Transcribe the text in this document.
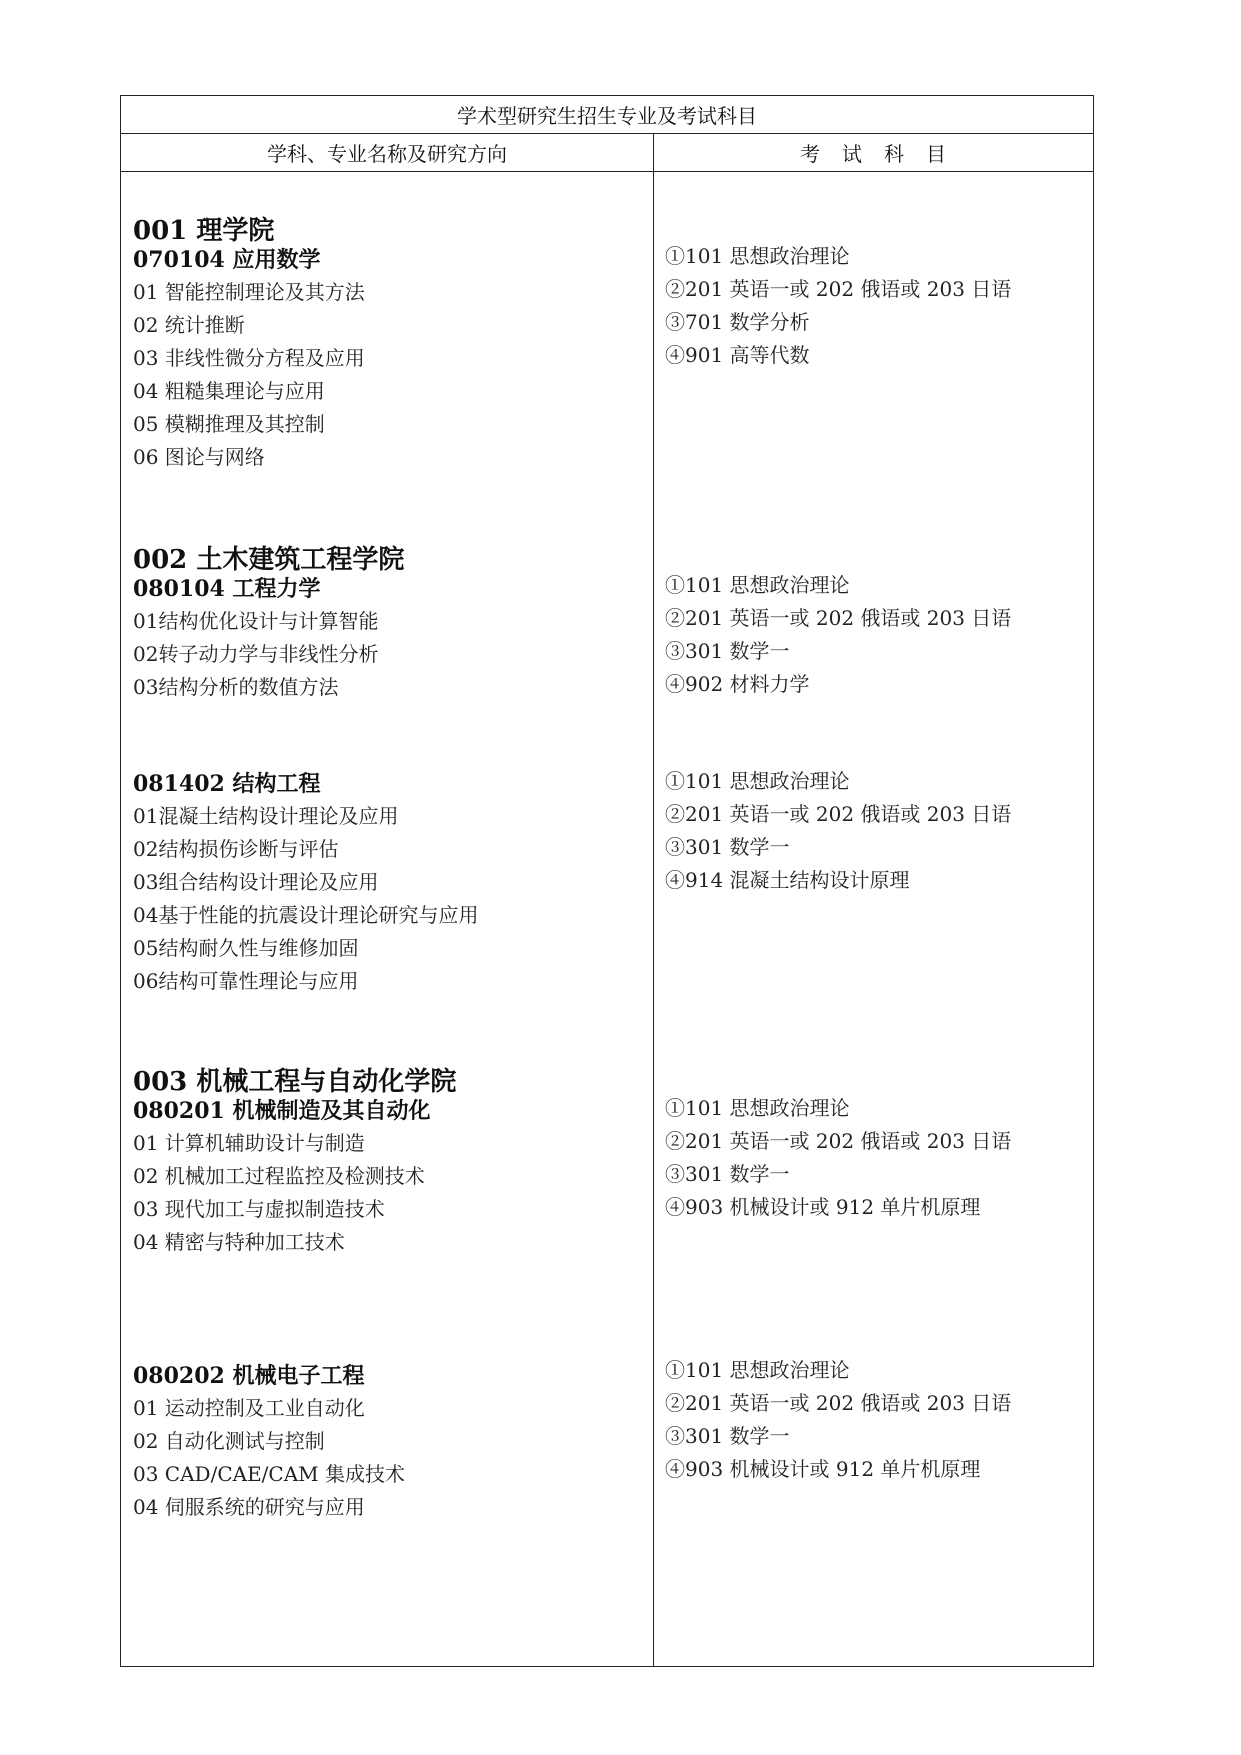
学术型研究生招生专业及考试科目
学科、专业名称及研究方向	考试科目
001 理学院
070104 应用数学
01 智能控制理论及其方法
02 统计推断
03 非线性微分方程及应用
04 粗糙集理论与应用
05 模糊推理及其控制
06 图论与网络
002 土木建筑工程学院
080104 工程力学
01结构优化设计与计算智能
02转子动力学与非线性分析
03结构分析的数值方法
081402 结构工程
01混凝土结构设计理论及应用
02结构损伤诊断与评估
03组合结构设计理论及应用
04基于性能的抗震设计理论研究与应用
05结构耐久性与维修加固
06结构可靠性理论与应用
003 机械工程与自动化学院
080201 机械制造及其自动化
01 计算机辅助设计与制造
02 机械加工过程监控及检测技术
03 现代加工与虚拟制造技术
04 精密与特种加工技术
080202 机械电子工程
01 运动控制及工业自动化
02 自动化测试与控制
03 CAD/CAE/CAM 集成技术
04 伺服系统的研究与应用
①101 思想政治理论
②201 英语一或 202 俄语或 203 日语
③701 数学分析
④901 高等代数
①101 思想政治理论
②201 英语一或 202 俄语或 203 日语
③301 数学一
④902 材料力学
①101 思想政治理论
②201 英语一或 202 俄语或 203 日语
③301 数学一
④914 混凝土结构设计原理
①101 思想政治理论
②201 英语一或 202 俄语或 203 日语
③301 数学一
④903 机械设计或 912 单片机原理
①101 思想政治理论
②201 英语一或 202 俄语或 203 日语
③301 数学一
④903 机械设计或 912 单片机原理
